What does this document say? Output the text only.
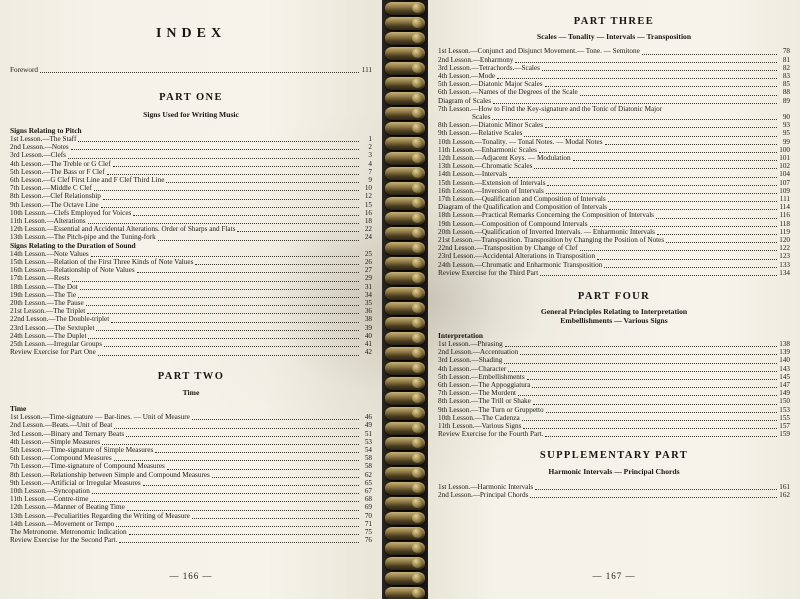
INDEX
Foreword	111
PART ONE
Signs Used for Writing Music
Signs Relating to Pitch
1st Lesson.—The Staff	1
2nd Lesson.—Notes	2
3rd Lesson.—Clefs	3
4th Lesson.—The Treble or G Clef	4
5th Lesson.—The Bass or F Clef	7
6th Lesson.—G Clef First Line and F Clef Third Line	9
7th Lesson.—Middle C Clef	10
8th Lesson.—Clef Relationship	12
9th Lesson.—The Octave Line	15
10th Lesson.—Clefs Employed for Voices	16
11th Lesson.—Alterations	18
12th Lesson.—Essential and Accidental Alterations. Order of Sharps and Flats	22
13th Lesson.—The Pitch-pipe and the Tuning-fork	24
Signs Relating to the Duration of Sound
14th Lesson.—Note Values	25
15th Lesson.—Relation of the First Three Kinds of Note Values	26
16th Lesson.—Relationship of Note Values	27
17th Lesson.—Rests	29
18th Lesson.—The Dot	31
19th Lesson.—The Tie	34
20th Lesson.—The Pause	35
21st Lesson.—The Triplet	36
22nd Lesson.—The Double-triplet	38
23rd Lesson.—The Sextuplet	39
24th Lesson.—The Duplet	40
25th Lesson.—Irregular Groups	41
Review Exercise for Part One	42
PART TWO
Time
Time
1st Lesson.—Time-signature — Bar-lines. — Unit of Measure	46
2nd Lesson.—Beats.—Unit of Beat	49
3rd Lesson.—Binary and Ternary Beats	51
4th Lesson.—Simple Measures	53
5th Lesson.—Time-signature of Simple Measures	54
6th Lesson.—Compound Measures	58
7th Lesson.—Time-signature of Compound Measures	58
8th Lesson.—Relationship between Simple and Compound Measures	62
9th Lesson.—Artificial or Irregular Measures	65
10th Lesson.—Syncopation	67
11th Lesson.—Contre-time	68
12th Lesson.—Manner of Beating Time	69
13th Lesson.—Peculiarities Regarding the Writing of Measure	70
14th Lesson.—Movement or Tempo	71
The Metronome. Metronomic Indication	75
Review Exercise for the Second Part.	76
— 166 —
PART THREE
Scales — Tonality — Intervals — Transposition
1st Lesson.—Conjunct and Disjunct Movement.— Tone. — Semitone	78
2nd Lesson.—Enharmony	81
3rd Lesson.—Tetrachords.—Scales	82
4th Lesson.—Mode	83
5th Lesson.—Diatonic Major Scales	85
6th Lesson.—Names of the Degrees of the Scale	88
Diagram of Scales	89
7th Lesson.—How to Find the Key-signature and the Tonic of Diatonic Major
Scales	90
8th Lesson.—Diatonic Minor Scales	93
9th Lesson.—Relative Scales	95
10th Lesson.—Tonality. — Tonal Notes. — Modal Notes	99
11th Lesson.—Enharmonic Scales	100
12th Lesson.—Adjacent Keys. — Modulation	101
13th Lesson.—Chromatic Scales	102
14th Lesson.—Intervals	104
15th Lesson.—Extension of Intervals	107
16th Lesson.—Inversion of Intervals	109
17th Lesson.—Qualification and Composition of Intervals	111
Diagram of the Qualification and Composition of Intervals	114
18th Lesson.—Practical Remarks Concerning the Composition of Intervals	116
19th Lesson.—Composition of Compound Intervals	118
20th Lesson.—Qualification of Inverted Intervals. — Enharmonic Intervals	119
21st Lesson.—Transposition. Transposition by Changing the Position of Notes	120
22nd Lesson.—Transposition by Change of Clef	122
23rd Lesson.—Accidental Alterations in Transposition	123
24th Lesson.—Chromatic and Enharmonic Transposition	133
Review Exercise for the Third Part	134
PART FOUR
General Principles Relating to Interpretation
Embellishments — Various Signs
Interpretation
1st Lesson.—Phrasing	138
2nd Lesson.—Accentuation	139
3rd Lesson.—Shading	140
4th Lesson.—Character	143
5th Lesson.—Embellishments	145
6th Lesson.—The Appoggiatura	147
7th Lesson.—The Mordent	149
8th Lesson.—The Trill or Shake	150
9th Lesson.—The Turn or Gruppetto	153
10th Lesson.—The Cadenza	155
11th Lesson.—Various Signs	157
Review Exercise for the Fourth Part.	159
SUPPLEMENTARY PART
Harmonic Intervals — Principal Chords
1st Lesson.—Harmonic Intervals	161
2nd Lesson.—Principal Chords	162
— 167 —
